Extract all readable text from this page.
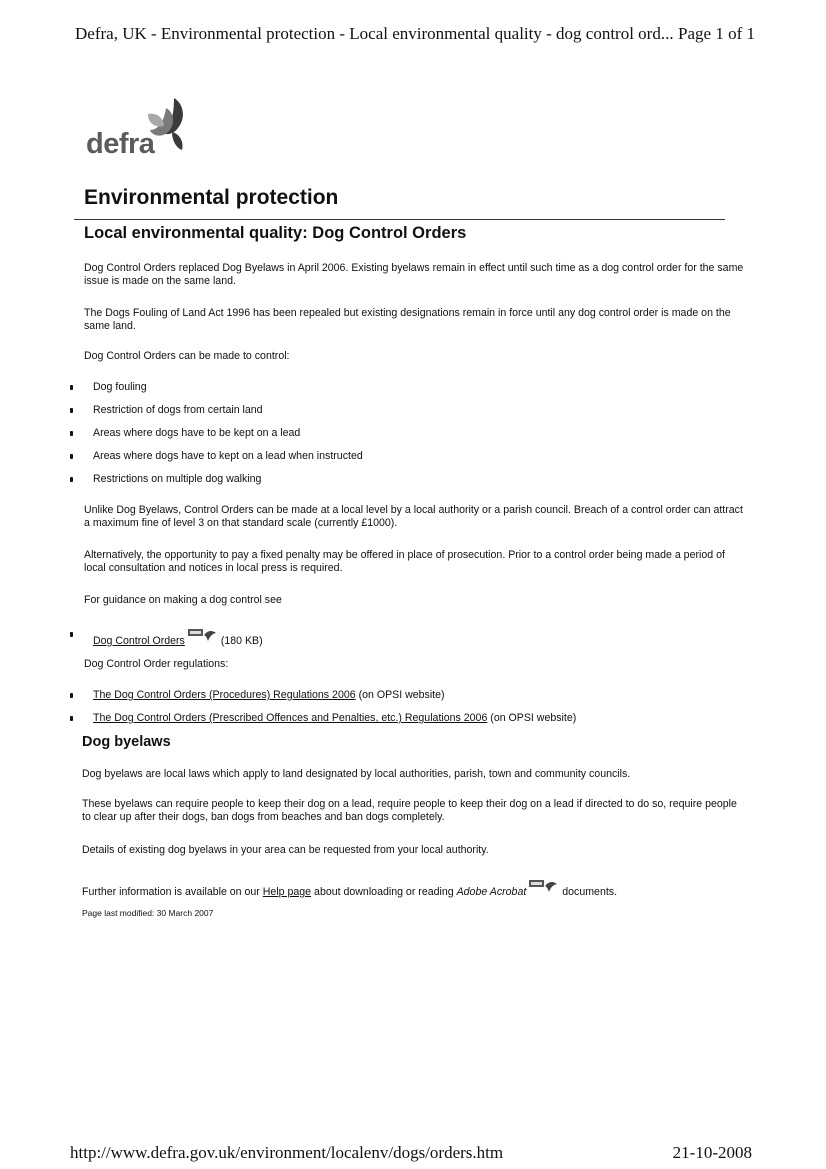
Defra, UK - Environmental protection - Local environmental quality - dog control ord... Page 1 of 1
defra
Environmental protection
Local environmental quality: Dog Control Orders

Dog Control Orders replaced Dog Byelaws in April 2006. Existing byelaws remain in effect until such time as a dog control order for the same issue is made on the same land.

The Dogs Fouling of Land Act 1996 has been repealed but existing designations remain in force until any dog control order is made on the same land.

Dog Control Orders can be made to control:

Dog fouling
Restriction of dogs from certain land
Areas where dogs have to be kept on a lead
Areas where dogs have to kept on a lead when instructed
Restrictions on multiple dog walking

Unlike Dog Byelaws, Control Orders can be made at a local level by a local authority or a parish council. Breach of a control order can attract a maximum fine of level 3 on that standard scale (currently £1000).

Alternatively, the opportunity to pay a fixed penalty may be offered in place of prosecution. Prior to a control order being made a period of local consultation and notices in local press is required.

For guidance on making a dog control see

Dog Control Orders	(180 KB)

Dog Control Order regulations:

The Dog Control Orders (Procedures) Regulations 2006 (on OPSI website)
The Dog Control Orders (Prescribed Offences and Penalties, etc.) Regulations 2006 (on OPSI website)
Dog byelaws

Dog byelaws are local laws which apply to land designated by local authorities, parish, town and community councils.

These byelaws can require people to keep their dog on a lead, require people to keep their dog on a lead if directed to do so, require people to clear up after their dogs, ban dogs from beaches and ban dogs completely.

Details of existing dog byelaws in your area can be requested from your local authority.

Further information is available on our Help page about downloading or reading Adobe Acrobat	documents.

Page last modified: 30 March 2007

http://www.defra.gov.uk/environment/localenv/dogs/orders.htm	21-10-2008
